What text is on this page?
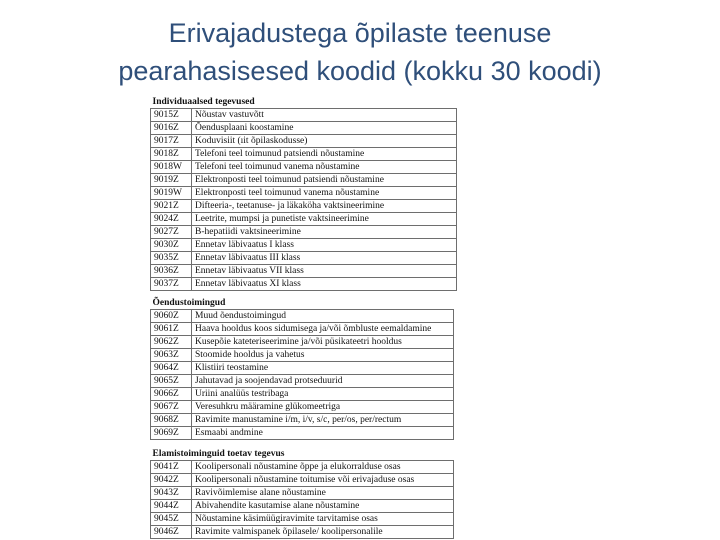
Erivajadustega õpilaste teenuse
pearahasisesed koodid (kokku 30 koodi)
Individuaalsed tegevused	
9015Z	Nõustav vastuvõtt
9016Z	Õendusplaani koostamine
9017Z	Koduvisiit (ıit õpilaskodusse)
9018Z	Telefoni teel toimunud patsiendi nõustamine
9018W	Telefoni teel toimunud vanema nõustamine
9019Z	Elektronposti teel toimunud patsiendi nõustamine
9019W	Elektronposti teel toimunud vanema nõustamine
9021Z	Difteeria-, teetanuse- ja läkaköha vaktsineerimine
9024Z	Leetrite, mumpsi ja punetiste vaktsineerimine
9027Z	B-hepatiidi vaktsineerimine
9030Z	Ennetav läbivaatus I klass
9035Z	Ennetav läbivaatus III klass
9036Z	Ennetav läbivaatus VII klass
9037Z	Ennetav läbivaatus XI klass
Õendustoimingud	
9060Z	Muud õendustoimingud
9061Z	Haava hooldus koos sidumisega ja/või õmbluste eemaldamine
9062Z	Kusepõie kateteriseerimine ja/või püsikateetri hooldus
9063Z	Stoomide hooldus ja vahetus
9064Z	Klistiiri teostamine
9065Z	Jahutavad ja soojendavad protseduurid
9066Z	Uriini analüüs testribaga
9067Z	Veresuhkru määramine glükomeetriga
9068Z	Ravimite manustamine i/m, i/v, s/c, per/os, per/rectum
9069Z	Esmaabi andmine
Elamistoiminguid toetav tegevus	
9041Z	Koolipersonali nõustamine õppe ja elukorralduse osas
9042Z	Koolipersonali nõustamine toitumise või erivajaduse osas
9043Z	Ravivõimlemise alane nõustamine
9044Z	Abivahendite kasutamise alane nõustamine
9045Z	Nõustamine käsimüügiravimite tarvitamise osas
9046Z	Ravimite valmispanek õpilasele/ koolipersonalile
